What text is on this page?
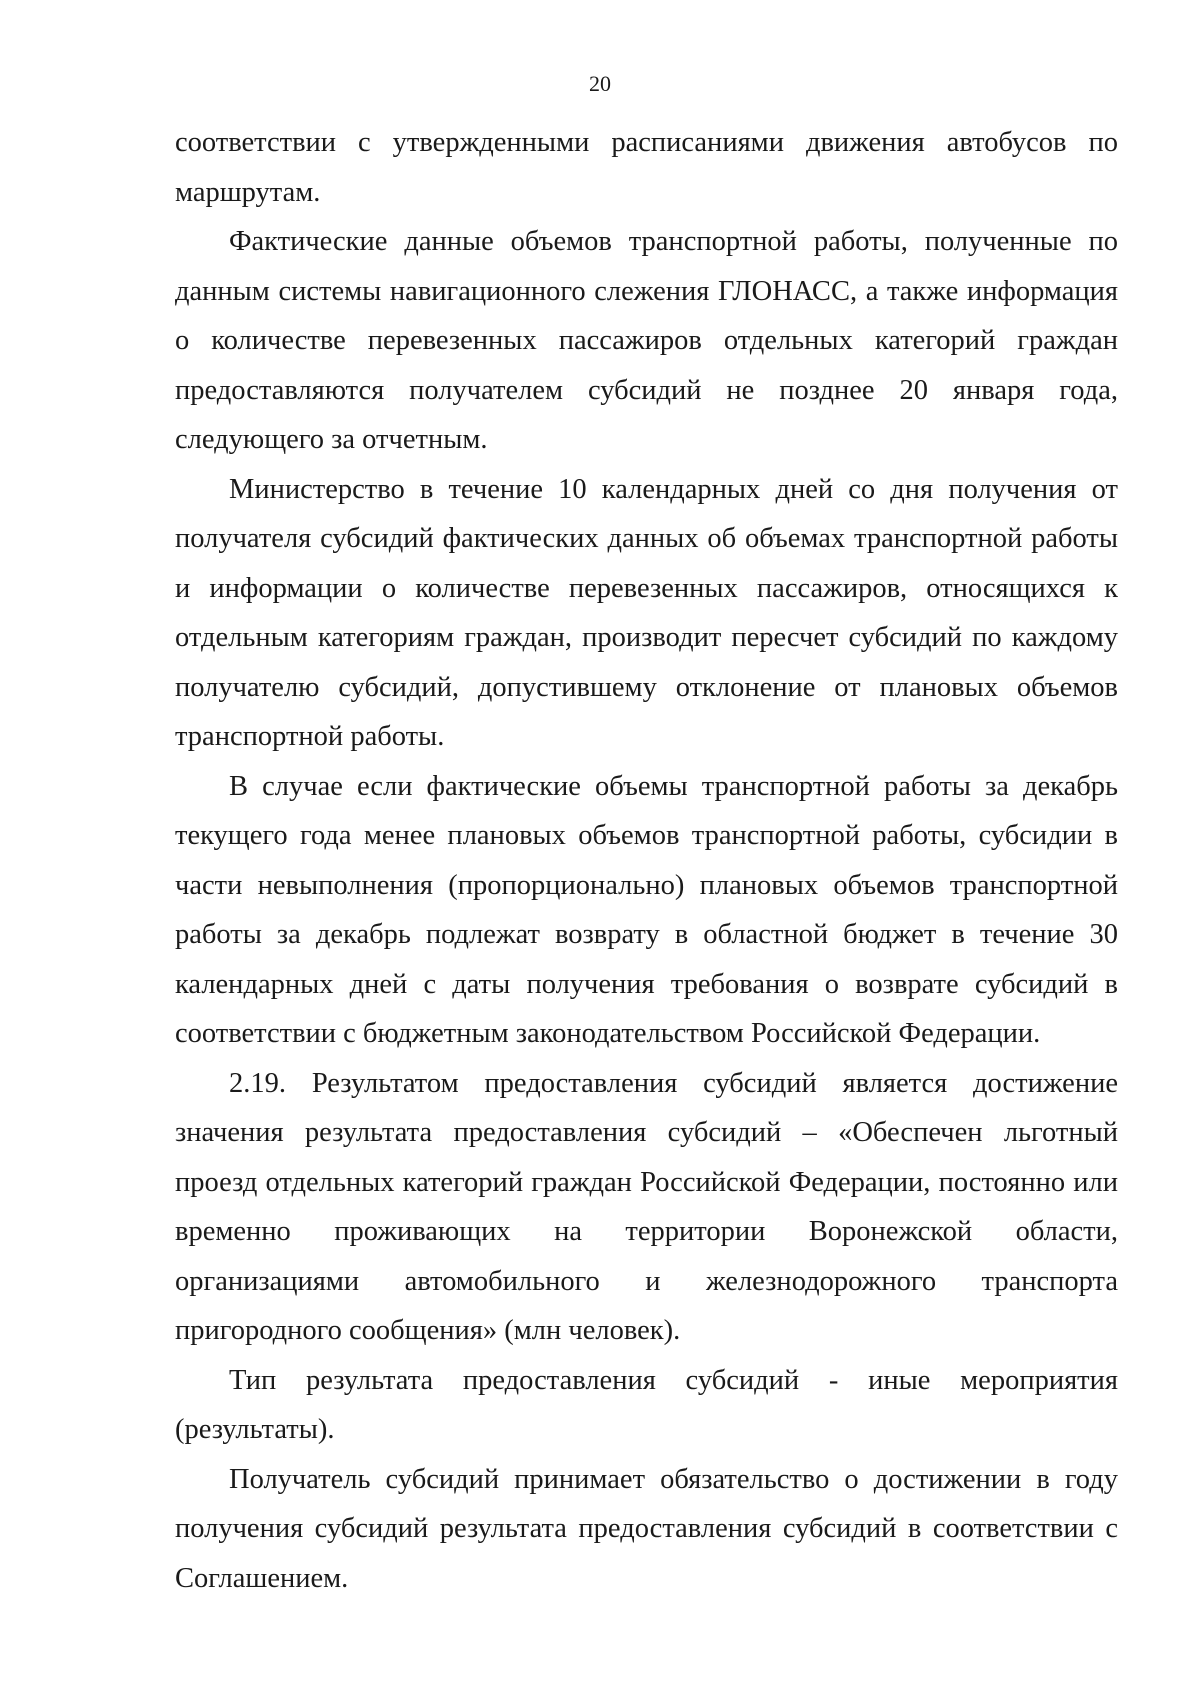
20

соответствии с утвержденными расписаниями движения автобусов по маршрутам.

Фактические данные объемов транспортной работы, полученные по данным системы навигационного слежения ГЛОНАСС, а также информация о количестве перевезенных пассажиров отдельных категорий граждан предоставляются получателем субсидий не позднее 20 января года, следующего за отчетным.

Министерство в течение 10 календарных дней со дня получения от получателя субсидий фактических данных об объемах транспортной работы и информации о количестве перевезенных пассажиров, относящихся к отдельным категориям граждан, производит пересчет субсидий по каждому получателю субсидий, допустившему отклонение от плановых объемов транспортной работы.

В случае если фактические объемы транспортной работы за декабрь текущего года менее плановых объемов транспортной работы, субсидии в части невыполнения (пропорционально) плановых объемов транспортной работы за декабрь подлежат возврату в областной бюджет в течение 30 календарных дней с даты получения требования о возврате субсидий в соответствии с бюджетным законодательством Российской Федерации.

2.19. Результатом предоставления субсидий является достижение значения результата предоставления субсидий – «Обеспечен льготный проезд отдельных категорий граждан Российской Федерации, постоянно или временно проживающих на территории Воронежской области, организациями автомобильного и железнодорожного транспорта пригородного сообщения» (млн человек).

Тип результата предоставления субсидий - иные мероприятия (результаты).

Получатель субсидий принимает обязательство о достижении в году получения субсидий результата предоставления субсидий в соответствии с Соглашением.
